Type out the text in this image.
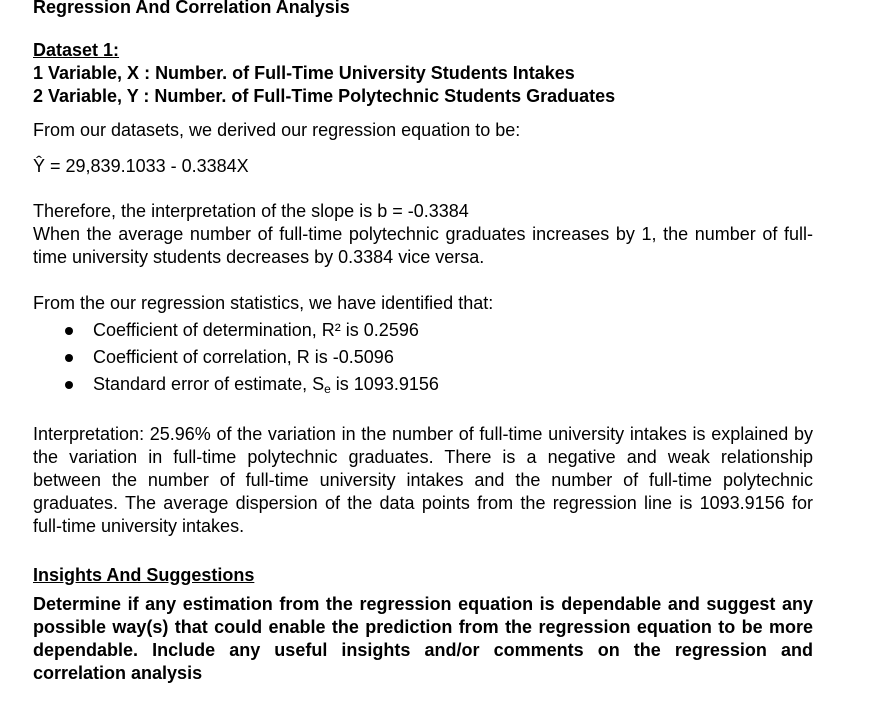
Regression And Correlation Analysis
Dataset 1:
1 Variable, X : Number. of Full-Time University Students Intakes
2 Variable, Y : Number. of Full-Time Polytechnic Students Graduates
From our datasets, we derived our regression equation to be:
Ŷ = 29,839.1033 - 0.3384X
Therefore, the interpretation of the slope is b = -0.3384
When the average number of full-time polytechnic graduates increases by 1, the number of full-time university students decreases by 0.3384 vice versa.
From the our regression statistics, we have identified that:
Coefficient of determination, R² is 0.2596
Coefficient of correlation, R is -0.5096
Standard error of estimate, $S_e$ is 1093.9156
Interpretation: 25.96% of the variation in the number of full-time university intakes is explained by the variation in full-time polytechnic graduates. There is a negative and weak relationship between the number of full-time university intakes and the number of full-time polytechnic graduates. The average dispersion of the data points from the regression line is 1093.9156 for full-time university intakes.
Insights And Suggestions
Determine if any estimation from the regression equation is dependable and suggest any possible way(s) that could enable the prediction from the regression equation to be more dependable. Include any useful insights and/or comments on the regression and correlation analysis
